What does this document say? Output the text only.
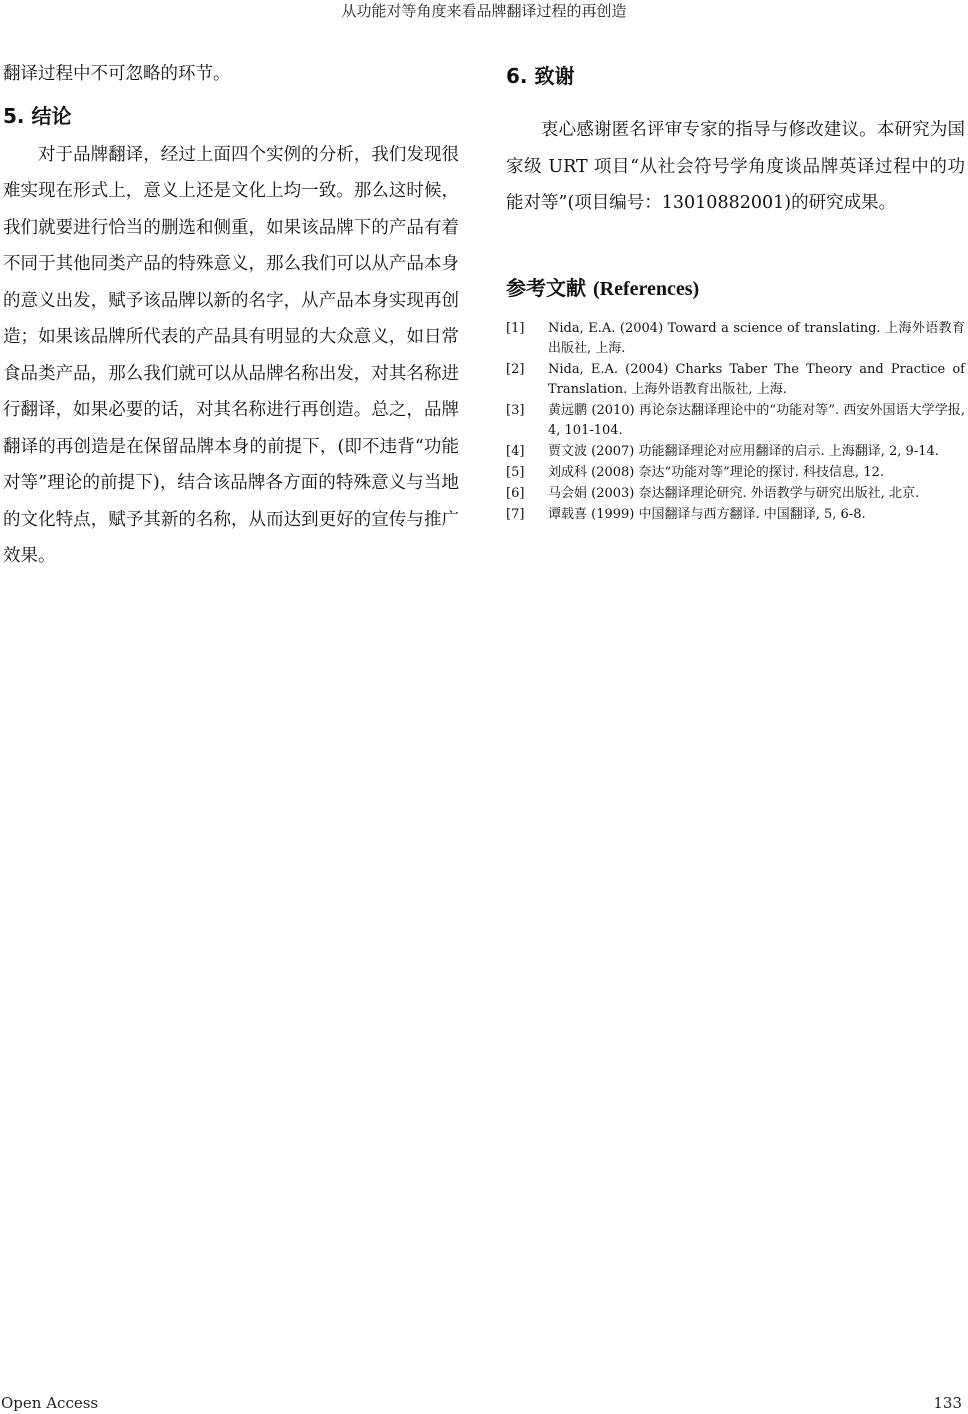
从功能对等角度来看品牌翻译过程的再创造

翻译过程中不可忽略的环节。

5. 结论

对于品牌翻译，经过上面四个实例的分析，我们发现很难实现在形式上，意义上还是文化上均一致。那么这时候，我们就要进行恰当的删选和侧重，如果该品牌下的产品有着不同于其他同类产品的特殊意义，那么我们可以从产品本身的意义出发，赋予该品牌以新的名字，从产品本身实现再创造；如果该品牌所代表的产品具有明显的大众意义，如日常食品类产品，那么我们就可以从品牌名称出发，对其名称进行翻译，如果必要的话，对其名称进行再创造。总之，品牌翻译的再创造是在保留品牌本身的前提下，(即不违背“功能对等”理论的前提下)，结合该品牌各方面的特殊意义与当地的文化特点，赋予其新的名称，从而达到更好的宣传与推广效果。

6. 致谢

衷心感谢匿名评审专家的指导与修改建议。本研究为国家级 URT 项目“从社会符号学角度谈品牌英译过程中的功能对等”(项目编号：13010882001)的研究成果。

参考文献 (References)
[1]	Nida, E.A. (2004) Toward a science of translating. 上海外语教育出版社, 上海.
[2]	Nida, E.A. (2004) Charks Taber The Theory and Practice of Translation. 上海外语教育出版社, 上海.
[3]	黄远鹏 (2010) 再论奈达翻译理论中的“功能对等”. 西安外国语大学学报, 4, 101-104.
[4]	贾文波 (2007) 功能翻译理论对应用翻译的启示. 上海翻译, 2, 9-14.
[5]	刘成科 (2008) 奈达“功能对等”理论的探讨. 科技信息, 12.
[6]	马会娟 (2003) 奈达翻译理论研究. 外语教学与研究出版社, 北京.
[7]	谭载喜 (1999) 中国翻译与西方翻译. 中国翻译, 5, 6-8.
Open Access	133
